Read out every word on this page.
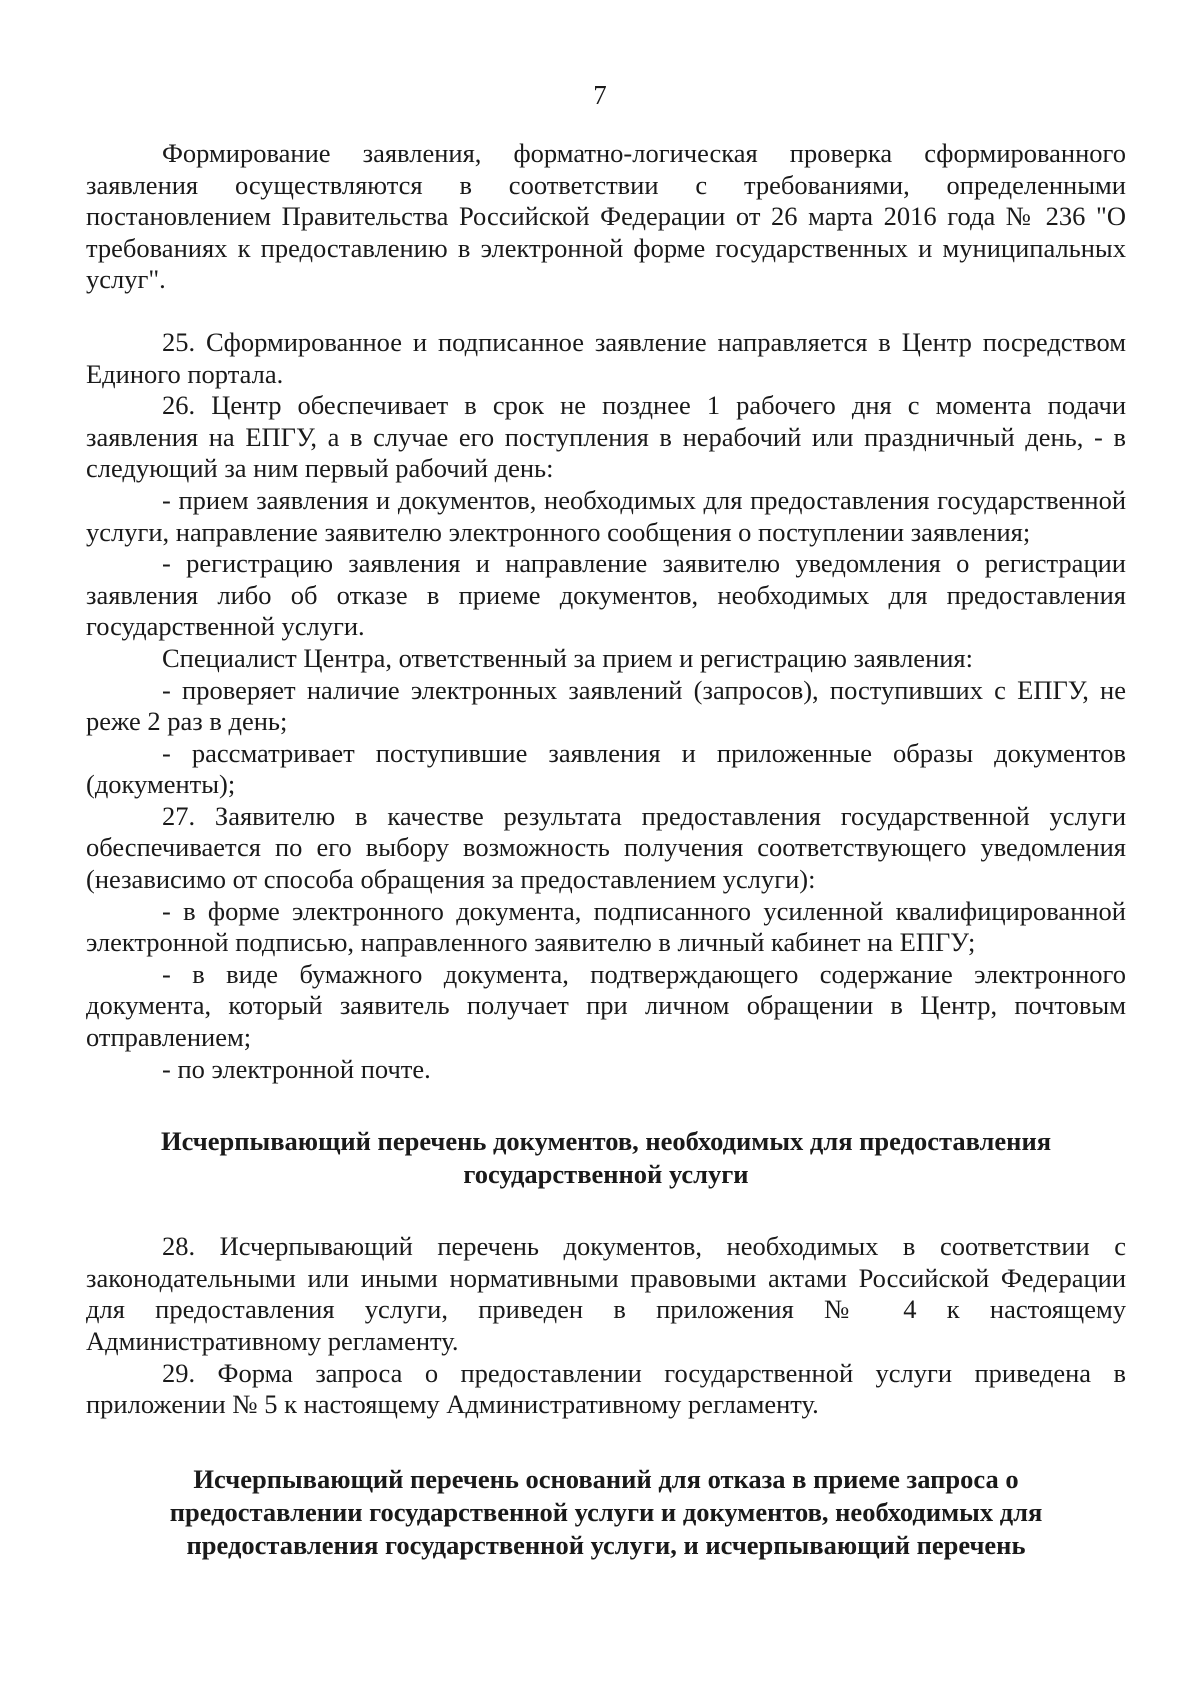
7

Формирование заявления, форматно-логическая проверка сформированного заявления осуществляются в соответствии с требованиями, определенными постановлением Правительства Российской Федерации от 26 марта 2016 года № 236 "О требованиях к предоставлению в электронной форме государственных и муниципальных услуг".

25. Сформированное и подписанное заявление направляется в Центр посредством Единого портала.

26. Центр обеспечивает в срок не позднее 1 рабочего дня с момента подачи заявления на ЕПГУ, а в случае его поступления в нерабочий или праздничный день, - в следующий за ним первый рабочий день:

- прием заявления и документов, необходимых для предоставления государственной услуги, направление заявителю электронного сообщения о поступлении заявления;

- регистрацию заявления и направление заявителю уведомления о регистрации заявления либо об отказе в приеме документов, необходимых для предоставления государственной услуги.

Специалист Центра, ответственный за прием и регистрацию заявления:

- проверяет наличие электронных заявлений (запросов), поступивших с ЕПГУ, не реже 2 раз в день;

- рассматривает поступившие заявления и приложенные образы документов (документы);

27. Заявителю в качестве результата предоставления государственной услуги обеспечивается по его выбору возможность получения соответствующего уведомления (независимо от способа обращения за предоставлением услуги):

- в форме электронного документа, подписанного усиленной квалифицированной электронной подписью, направленного заявителю в личный кабинет на ЕПГУ;

- в виде бумажного документа, подтверждающего содержание электронного документа, который заявитель получает при личном обращении в Центр, почтовым отправлением;

- по электронной почте.

Исчерпывающий перечень документов, необходимых для предоставления государственной услуги

28. Исчерпывающий перечень документов, необходимых в соответствии с законодательными или иными нормативными правовыми актами Российской Федерации для предоставления услуги, приведен в приложения № 4 к настоящему Административному регламенту.

29. Форма запроса о предоставлении государственной услуги приведена в приложении № 5 к настоящему Административному регламенту.

Исчерпывающий перечень оснований для отказа в приеме запроса о предоставлении государственной услуги и документов, необходимых для предоставления государственной услуги, и исчерпывающий перечень
